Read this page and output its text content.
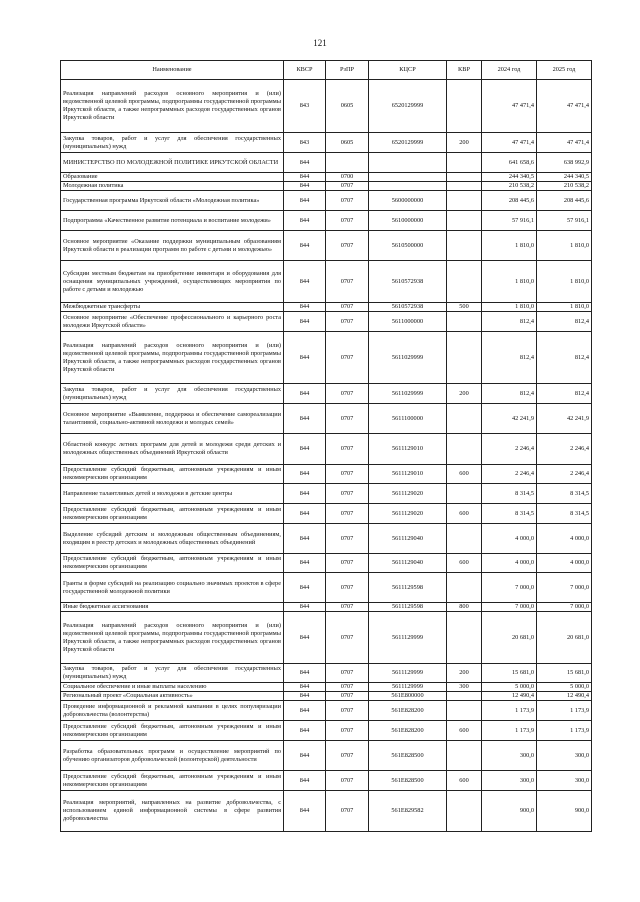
121
Наименование	КВСР	РзПР	КЦСР	КВР	2024 год	2025 год
Реализация направлений расходов основного мероприятия и (или) ведомственной целевой программы, подпрограммы государственной программы Иркутской области, а также непрограммных расходов государственных органов Иркутской области	843	0605	6520129999		47 471,4	47 471,4
Закупка товаров, работ и услуг для обеспечения государственных (муниципальных) нужд	843	0605	6520129999	200	47 471,4	47 471,4
МИНИСТЕРСТВО ПО МОЛОДЕЖНОЙ ПОЛИТИКЕ ИРКУТСКОЙ ОБЛАСТИ	844				641 658,6	638 992,9
Образование	844	0700			244 340,5	244 340,5
Молодежная политика	844	0707			210 538,2	210 538,2
Государственная программа Иркутской области «Молодежная политика»	844	0707	5600000000		208 445,6	208 445,6
Подпрограмма «Качественное развитие потенциала и воспитание молодежи»	844	0707	5610000000		57 916,1	57 916,1
Основное мероприятие «Оказание поддержки муниципальным образованиям Иркутской области в реализации программ по работе с детьми и молодежью»	844	0707	5610500000		1 810,0	1 810,0
Субсидии местным бюджетам на приобретение инвентаря и оборудования для оснащения муниципальных учреждений, осуществляющих мероприятия по работе с детьми и молодежью	844	0707	5610572938		1 810,0	1 810,0
Межбюджетные трансферты	844	0707	5610572938	500	1 810,0	1 810,0
Основное мероприятие «Обеспечение профессионального и карьерного роста молодежи Иркутской области»	844	0707	5611000000		812,4	812,4
Реализация направлений расходов основного мероприятия и (или) ведомственной целевой программы, подпрограммы государственной программы Иркутской области, а также непрограммных расходов государственных органов Иркутской области	844	0707	5611029999		812,4	812,4
Закупка товаров, работ и услуг для обеспечения государственных (муниципальных) нужд	844	0707	5611029999	200	812,4	812,4
Основное мероприятие «Выявление, поддержка и обеспечение самореализации талантливой, социально-активной молодежи и молодых семей»	844	0707	5611100000		42 241,9	42 241,9
Областной конкурс летних программ для детей и молодежи среди детских и молодежных общественных объединений Иркутской области	844	0707	5611129010		2 246,4	2 246,4
Предоставление субсидий бюджетным, автономным учреждениям и иным некоммерческим организациям	844	0707	5611129010	600	2 246,4	2 246,4
Направление талантливых детей и молодежи в детские центры	844	0707	5611129020		8 314,5	8 314,5
Предоставление субсидий бюджетным, автономным учреждениям и иным некоммерческим организациям	844	0707	5611129020	600	8 314,5	8 314,5
Выделение субсидий детским и молодежным общественным объединениям, входящим в реестр детских и молодежных общественных объединений	844	0707	5611129040		4 000,0	4 000,0
Предоставление субсидий бюджетным, автономным учреждениям и иным некоммерческим организациям	844	0707	5611129040	600	4 000,0	4 000,0
Гранты в форме субсидий на реализацию социально значимых проектов в сфере государственной молодежной политики	844	0707	5611129598		7 000,0	7 000,0
Иные бюджетные ассигнования	844	0707	5611129598	800	7 000,0	7 000,0
Реализация направлений расходов основного мероприятия и (или) ведомственной целевой программы, подпрограммы государственной программы Иркутской области, а также непрограммных расходов государственных органов Иркутской области	844	0707	5611129999		20 681,0	20 681,0
Закупка товаров, работ и услуг для обеспечения государственных (муниципальных) нужд	844	0707	5611129999	200	15 681,0	15 681,0
Социальное обеспечение и иные выплаты населению	844	0707	5611129999	300	5 000,0	5 000,0
Региональный проект «Социальная активность»	844	0707	561E800000		12 490,4	12 490,4
Проведение информационной и рекламной кампании в целях популяризации добровольчества (волонтерства)	844	0707	561E828200		1 173,9	1 173,9
Предоставление субсидий бюджетным, автономным учреждениям и иным некоммерческим организациям	844	0707	561E828200	600	1 173,9	1 173,9
Разработка образовательных программ и осуществление мероприятий по обучению организаторов добровольческой (волонтерской) деятельности	844	0707	561E828500		300,0	300,0
Предоставление субсидий бюджетным, автономным учреждениям и иным некоммерческим организациям	844	0707	561E828500	600	300,0	300,0
Реализация мероприятий, направленных на развитие добровольчества, с использованием единой информационной системы в сфере развития добровольчества	844	0707	561E829582		900,0	900,0
